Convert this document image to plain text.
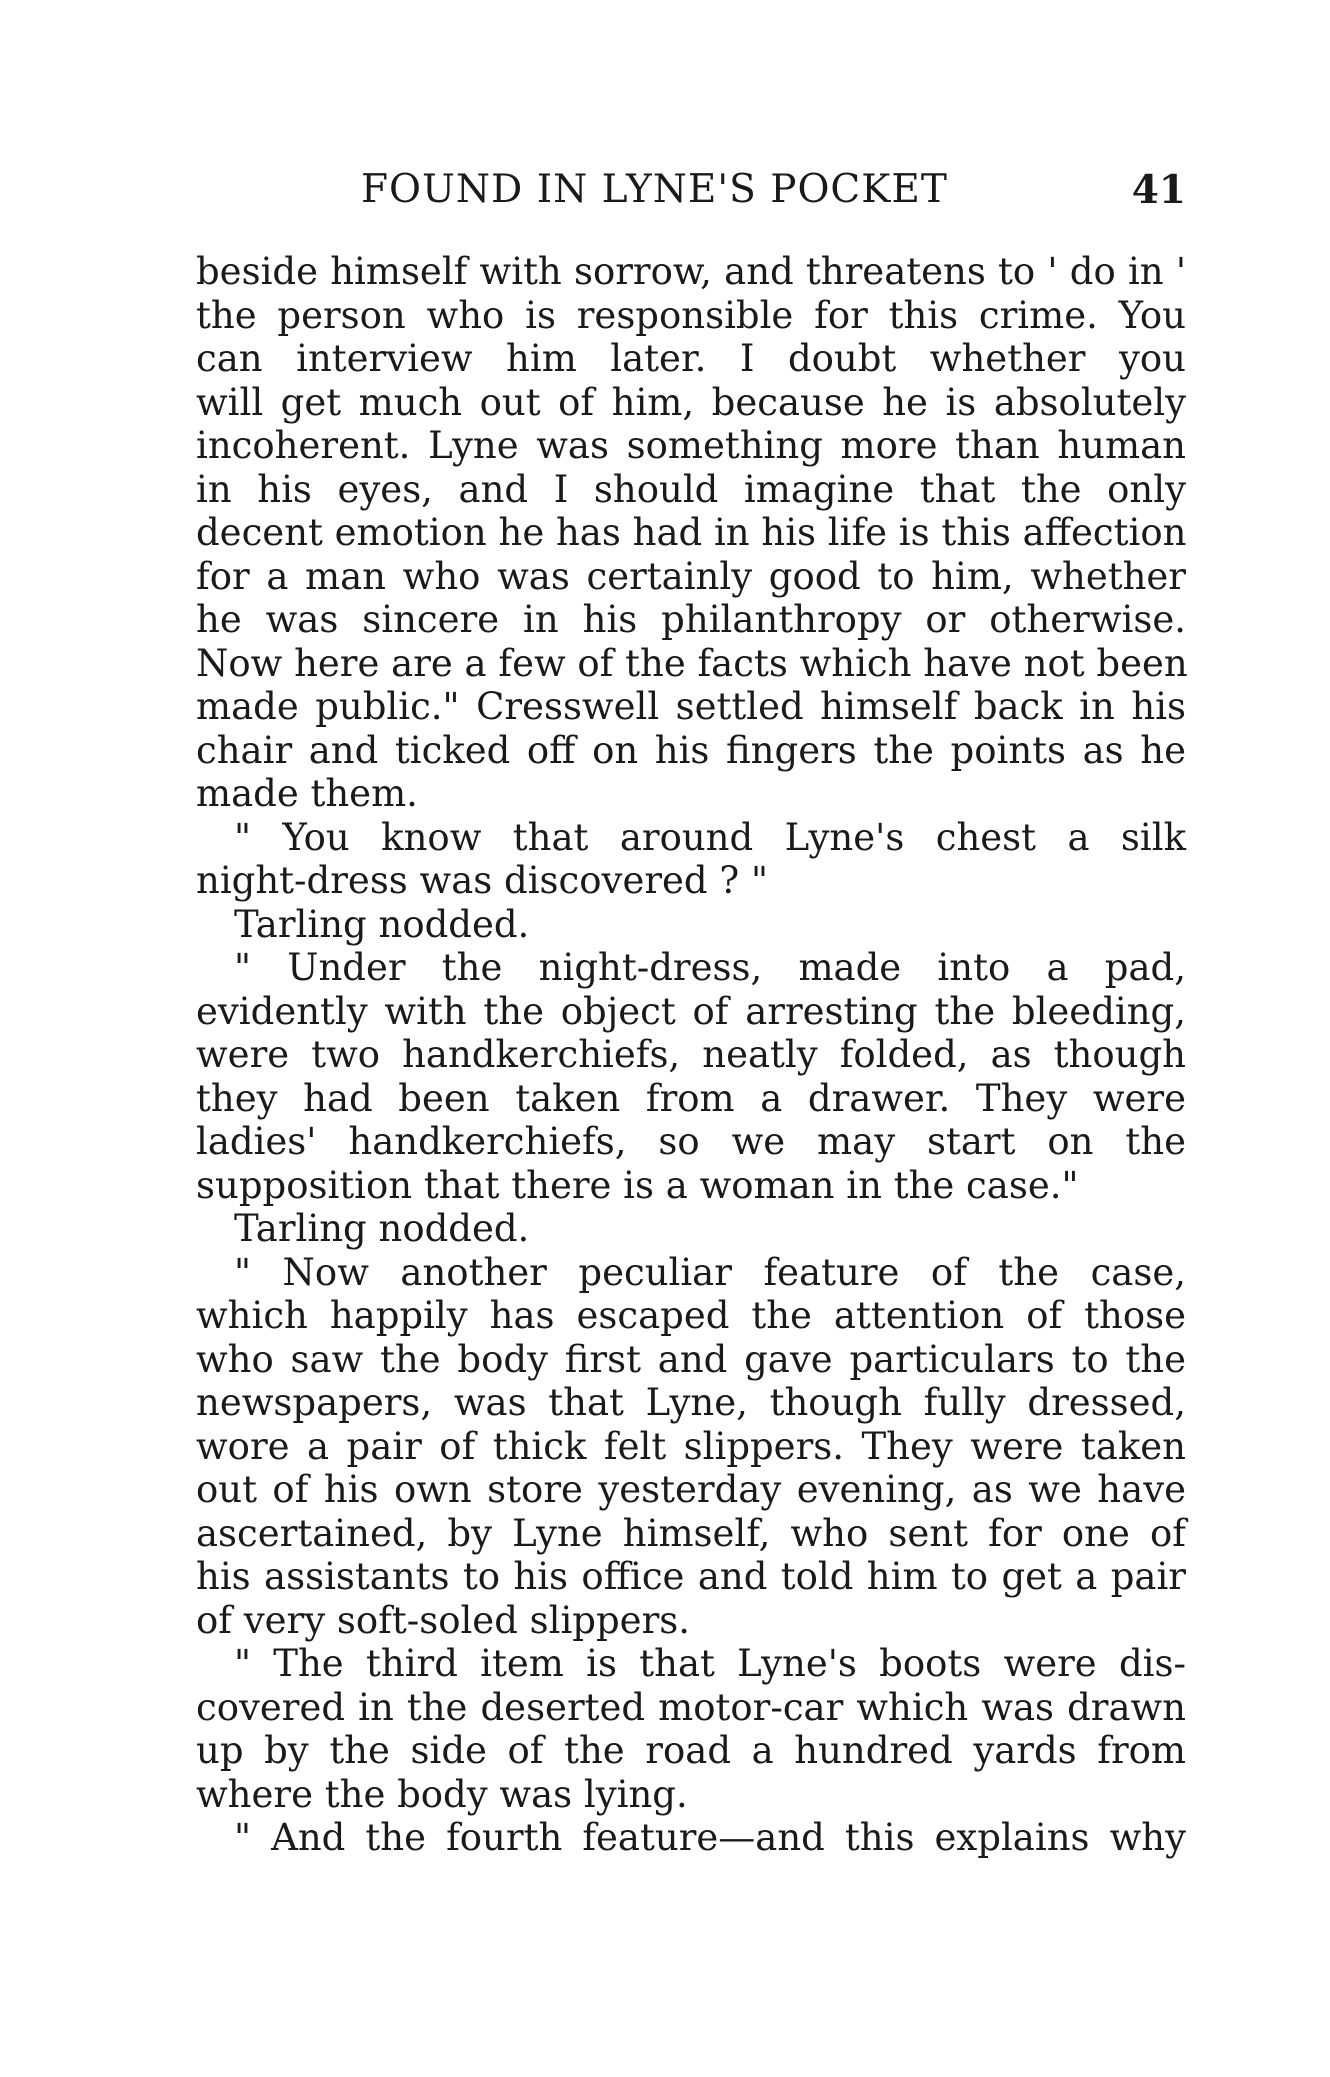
FOUND IN LYNE'S POCKET	41
beside himself with sorrow, and threatens to ' do in '
the person who is responsible for this crime. You
can interview him later. I doubt whether you
will get much out of him, because he is absolutely
incoherent. Lyne was something more than human
in his eyes, and I should imagine that the only
decent emotion he has had in his life is this affection
for a man who was certainly good to him, whether
he was sincere in his philanthropy or otherwise.
Now here are a few of the facts which have not been
made public." Cresswell settled himself back in his
chair and ticked off on his fingers the points as he
made them.
" You know that around Lyne's chest a silk
night-dress was discovered ? "
Tarling nodded.
" Under the night-dress, made into a pad,
evidently with the object of arresting the bleeding,
were two handkerchiefs, neatly folded, as though
they had been taken from a drawer. They were
ladies' handkerchiefs, so we may start on the
supposition that there is a woman in the case."
Tarling nodded.
" Now another peculiar feature of the case,
which happily has escaped the attention of those
who saw the body first and gave particulars to the
newspapers, was that Lyne, though fully dressed,
wore a pair of thick felt slippers. They were taken
out of his own store yesterday evening, as we have
ascertained, by Lyne himself, who sent for one of
his assistants to his office and told him to get a pair
of very soft-soled slippers.
" The third item is that Lyne's boots were dis-
covered in the deserted motor-car which was drawn
up by the side of the road a hundred yards from
where the body was lying.
" And the fourth feature—and this explains why
